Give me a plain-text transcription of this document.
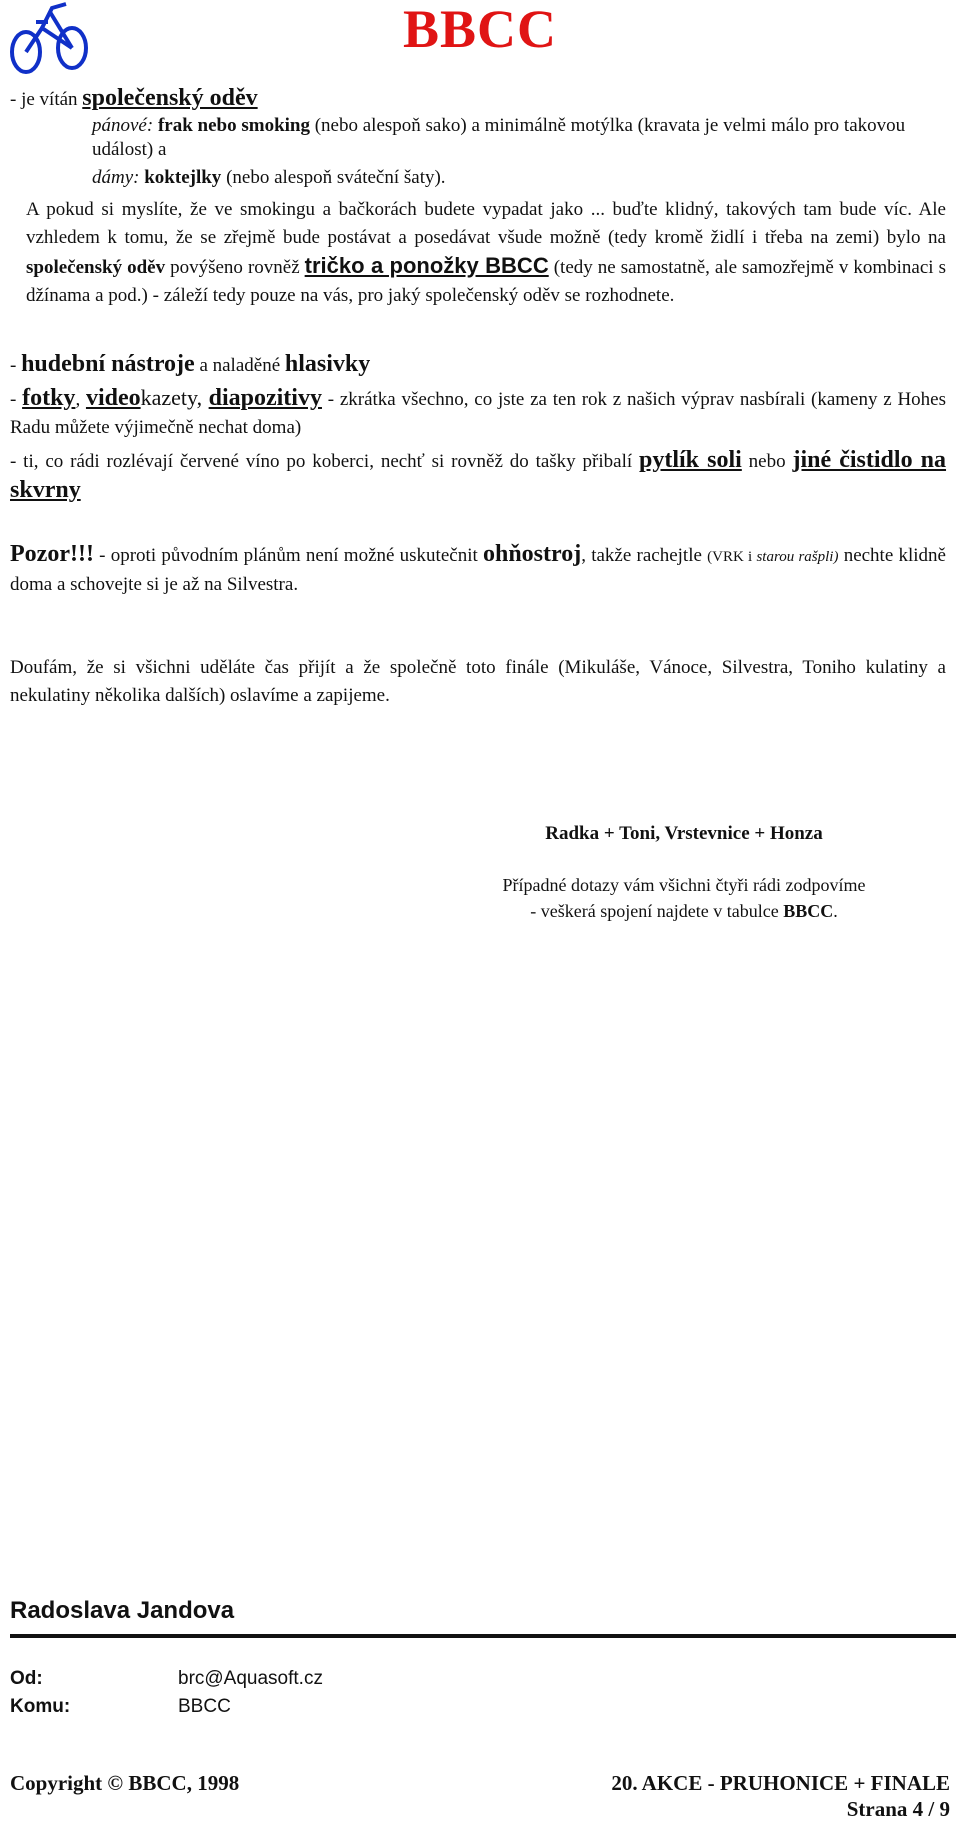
BBCC
- je vítán společenský oděv
pánové: frak nebo smoking (nebo alespoň sako) a minimálně motýlka (kravata je velmi málo pro takovou událost) a
dámy: koktejlky (nebo alespoň sváteční šaty).
A pokud si myslíte, že ve smokingu a bačkorách budete vypadat jako ... buďte klidný, takových tam bude víc. Ale vzhledem k tomu, že se zřejmě bude postávat a posedávat všude možně (tedy kromě židlí i třeba na zemi) bylo na společenský oděv povýšeno rovněž tričko a ponožky BBCC (tedy ne samostatně, ale samozřejmě v kombinaci s džínama a pod.) - záleží tedy pouze na vás, pro jaký společenský oděv se rozhodnete.
- hudební nástroje a naladěné hlasivky
- fotky, videokazety, diapozitivy - zkrátka všechno, co jste za ten rok z našich výprav nasbírali (kameny z Hohes Radu můžete výjimečně nechat doma)
- ti, co rádi rozlévají červené víno po koberci, nechť si rovněž do tašky přibalí pytlík soli nebo jiné čistidlo na skvrny
Pozor!!! - oproti původním plánům není možné uskutečnit ohňostroj, takže rachejtle (VRK i starou rašpli) nechte klidně doma a schovejte si je až na Silvestra.
Doufám, že si všichni uděláte čas přijít a že společně toto finále (Mikuláše, Vánoce, Silvestra, Toniho kulatiny a nekulatiny několika dalších) oslavíme a zapijeme.
Radka + Toni, Vrstevnice + Honza
Případné dotazy vám všichni čtyři rádi zodpovíme
- veškerá spojení najdete v tabulce BBCC.
Radoslava Jandova
Od:	brc@Aquasoft.cz
Komu:	BBCC
Copyright © BBCC, 1998	20. AKCE - PRUHONICE + FINALE
Strana 4 / 9
